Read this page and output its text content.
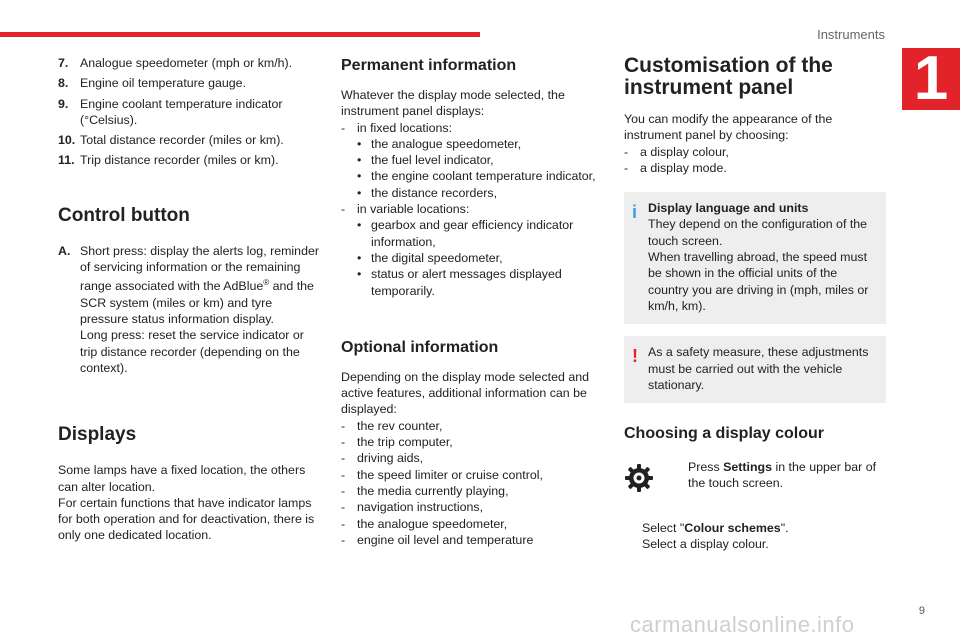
Instruments
1
7. Analogue speedometer (mph or km/h).
8. Engine oil temperature gauge.
9. Engine coolant temperature indicator (°Celsius).
10. Total distance recorder (miles or km).
11. Trip distance recorder (miles or km).
Control button
A. Short press: display the alerts log, reminder of servicing information or the remaining range associated with the AdBlue® and the SCR system (miles or km) and tyre pressure status information display.

Long press: reset the service indicator or trip distance recorder (depending on the context).

Displays

Some lamps have a fixed location, the others can alter location.

For certain functions that have indicator lamps for both operation and for deactivation, there is only one dedicated location.

Permanent information

Whatever the display mode selected, the instrument panel displays:

- in fixed locations:
• the analogue speedometer,
• the fuel level indicator,
• the engine coolant temperature indicator,
• the distance recorders,
- in variable locations:
• gearbox and gear efficiency indicator information,
• the digital speedometer,
• status or alert messages displayed temporarily.
Optional information

Depending on the display mode selected and active features, additional information can be displayed:

- the rev counter,
- the trip computer,
- driving aids,
- the speed limiter or cruise control,
- the media currently playing,
- navigation instructions,
- the analogue speedometer,
- engine oil level and temperature
Customisation of the
instrument panel

You can modify the appearance of the instrument panel by choosing:

- a display colour,
- a display mode.
i Display language and units

They depend on the configuration of the touch screen.

When travelling abroad, the speed must be shown in the official units of the country you are driving in (mph, miles or km/h, km).

! As a safety measure, these adjustments must be carried out with the vehicle stationary.

Choosing a display colour
Press Settings in the upper bar of the touch screen.
Select "Colour schemes".
Select a display colour.
9
carmanualsonline.info
